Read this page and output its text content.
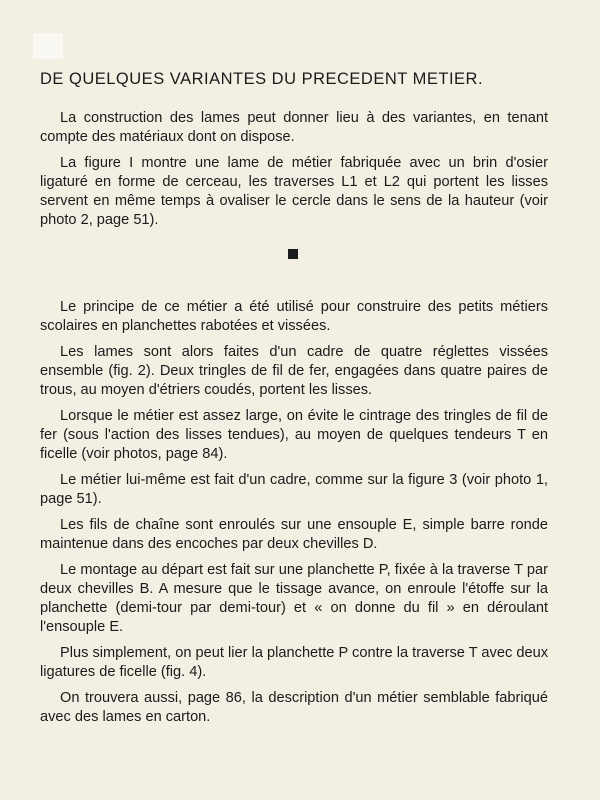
DE QUELQUES VARIANTES DU PRECEDENT METIER.

La construction des lames peut donner lieu à des variantes, en tenant compte des matériaux dont on dispose.

La figure I montre une lame de métier fabriquée avec un brin d'osier ligaturé en forme de cerceau, les traverses L1 et L2 qui portent les lisses servent en même temps à ovaliser le cercle dans le sens de la hauteur (voir photo 2, page 51).

Le principe de ce métier a été utilisé pour construire des petits métiers scolaires en planchettes rabotées et vissées.

Les lames sont alors faites d'un cadre de quatre réglettes vissées ensemble (fig. 2). Deux tringles de fil de fer, engagées dans quatre paires de trous, au moyen d'étriers coudés, portent les lisses.

Lorsque le métier est assez large, on évite le cintrage des tringles de fil de fer (sous l'action des lisses tendues), au moyen de quelques tendeurs T en ficelle (voir photos, page 84).

Le métier lui-même est fait d'un cadre, comme sur la figure 3 (voir photo 1, page 51).

Les fils de chaîne sont enroulés sur une ensouple E, simple barre ronde maintenue dans des encoches par deux chevilles D.

Le montage au départ est fait sur une planchette P, fixée à la traverse T par deux chevilles B. A mesure que le tissage avance, on enroule l'étoffe sur la planchette (demi-tour par demi-tour) et « on donne du fil » en déroulant l'ensouple E.

Plus simplement, on peut lier la planchette P contre la traverse T avec deux ligatures de ficelle (fig. 4).

On trouvera aussi, page 86, la description d'un métier semblable fabriqué avec des lames en carton.
